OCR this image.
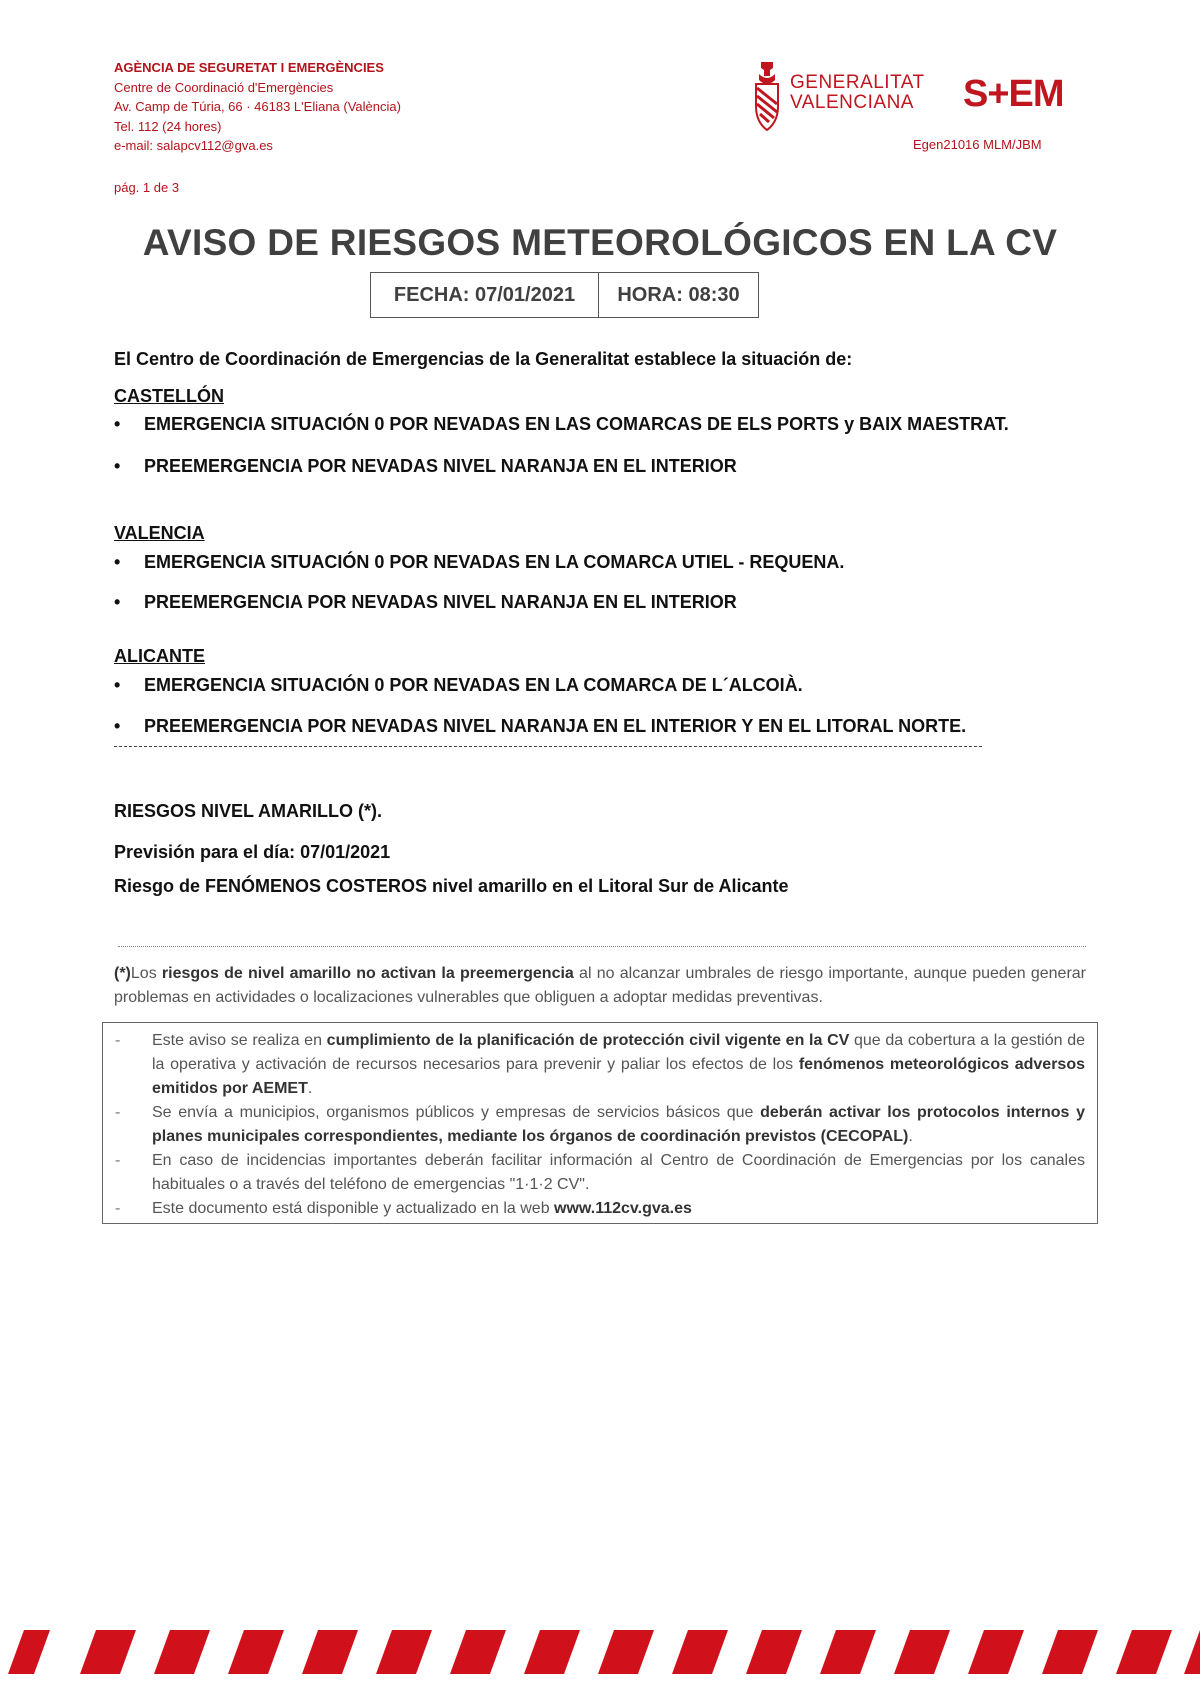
AGÈNCIA DE SEGURETAT I EMERGÈNCIES
Centre de Coordinació d'Emergències
Av. Camp de Túria, 66 · 46183 L'Eliana (València)
Tel. 112 (24 hores)
e-mail: salapcv112@gva.es
GENERALITAT
VALENCIANA S+EM
Egen21016 MLM/JBM
pág. 1 de 3
AVISO DE RIESGOS METEOROLÓGICOS EN LA CV
FECHA: 07/01/2021	HORA: 08:30
El Centro de Coordinación de Emergencias de la Generalitat establece la situación de:
CASTELLÓN
• EMERGENCIA SITUACIÓN 0 POR NEVADAS EN LAS COMARCAS DE ELS PORTS y BAIX MAESTRAT.
• PREEMERGENCIA POR NEVADAS NIVEL NARANJA EN EL INTERIOR
VALENCIA
• EMERGENCIA SITUACIÓN 0 POR NEVADAS EN LA COMARCA UTIEL - REQUENA.
• PREEMERGENCIA POR NEVADAS NIVEL NARANJA EN EL INTERIOR
ALICANTE
• EMERGENCIA SITUACIÓN 0 POR NEVADAS EN LA COMARCA DE L´ALCOIÀ.
• PREEMERGENCIA POR NEVADAS NIVEL NARANJA EN EL INTERIOR Y EN EL LITORAL NORTE.
RIESGOS NIVEL AMARILLO (*).
Previsión para el día: 07/01/2021
Riesgo de FENÓMENOS COSTEROS nivel amarillo en el Litoral Sur de Alicante
(*)Los riesgos de nivel amarillo no activan la preemergencia al no alcanzar umbrales de riesgo importante, aunque pueden generar problemas en actividades o localizaciones vulnerables que obliguen a adoptar medidas preventivas.
- Este aviso se realiza en cumplimiento de la planificación de protección civil vigente en la CV que da cobertura a la gestión de la operativa y activación de recursos necesarios para prevenir y paliar los efectos de los fenómenos meteorológicos adversos emitidos por AEMET.
- Se envía a municipios, organismos públicos y empresas de servicios básicos que deberán activar los protocolos internos y planes municipales correspondientes, mediante los órganos de coordinación previstos (CECOPAL).
- En caso de incidencias importantes deberán facilitar información al Centro de Coordinación de Emergencias por los canales habituales o a través del teléfono de emergencias "1·1·2 CV".
- Este documento está disponible y actualizado en la web www.112cv.gva.es
